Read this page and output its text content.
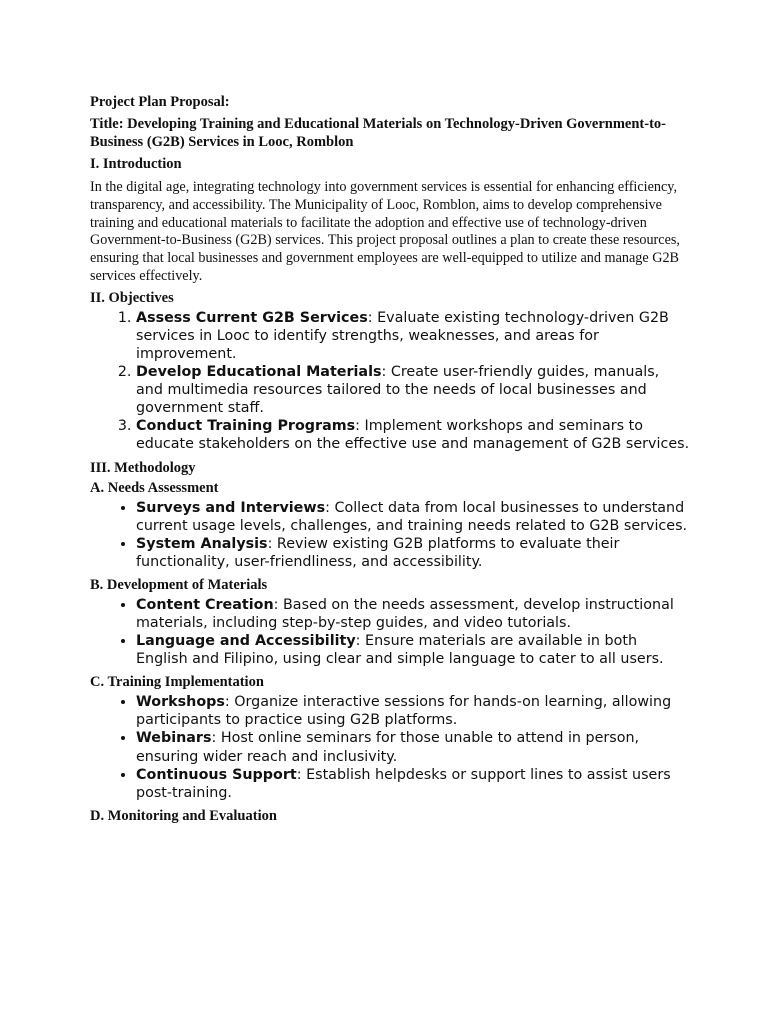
Project Plan Proposal:

Title: Developing Training and Educational Materials on Technology-Driven Government-to-Business (G2B) Services in Looc, Romblon

I. Introduction

In the digital age, integrating technology into government services is essential for enhancing efficiency, transparency, and accessibility. The Municipality of Looc, Romblon, aims to develop comprehensive training and educational materials to facilitate the adoption and effective use of technology-driven Government-to-Business (G2B) services. This project proposal outlines a plan to create these resources, ensuring that local businesses and government employees are well-equipped to utilize and manage G2B services effectively.

II. Objectives

1. Assess Current G2B Services: Evaluate existing technology-driven G2B services in Looc to identify strengths, weaknesses, and areas for improvement.
2. Develop Educational Materials: Create user-friendly guides, manuals, and multimedia resources tailored to the needs of local businesses and government staff.
3. Conduct Training Programs: Implement workshops and seminars to educate stakeholders on the effective use and management of G2B services.

III. Methodology

A. Needs Assessment

• Surveys and Interviews: Collect data from local businesses to understand current usage levels, challenges, and training needs related to G2B services.
• System Analysis: Review existing G2B platforms to evaluate their functionality, user-friendliness, and accessibility.

B. Development of Materials

• Content Creation: Based on the needs assessment, develop instructional materials, including step-by-step guides, and video tutorials.
• Language and Accessibility: Ensure materials are available in both English and Filipino, using clear and simple language to cater to all users.

C. Training Implementation

• Workshops: Organize interactive sessions for hands-on learning, allowing participants to practice using G2B platforms.
• Webinars: Host online seminars for those unable to attend in person, ensuring wider reach and inclusivity.
• Continuous Support: Establish helpdesks or support lines to assist users post-training.

D. Monitoring and Evaluation
